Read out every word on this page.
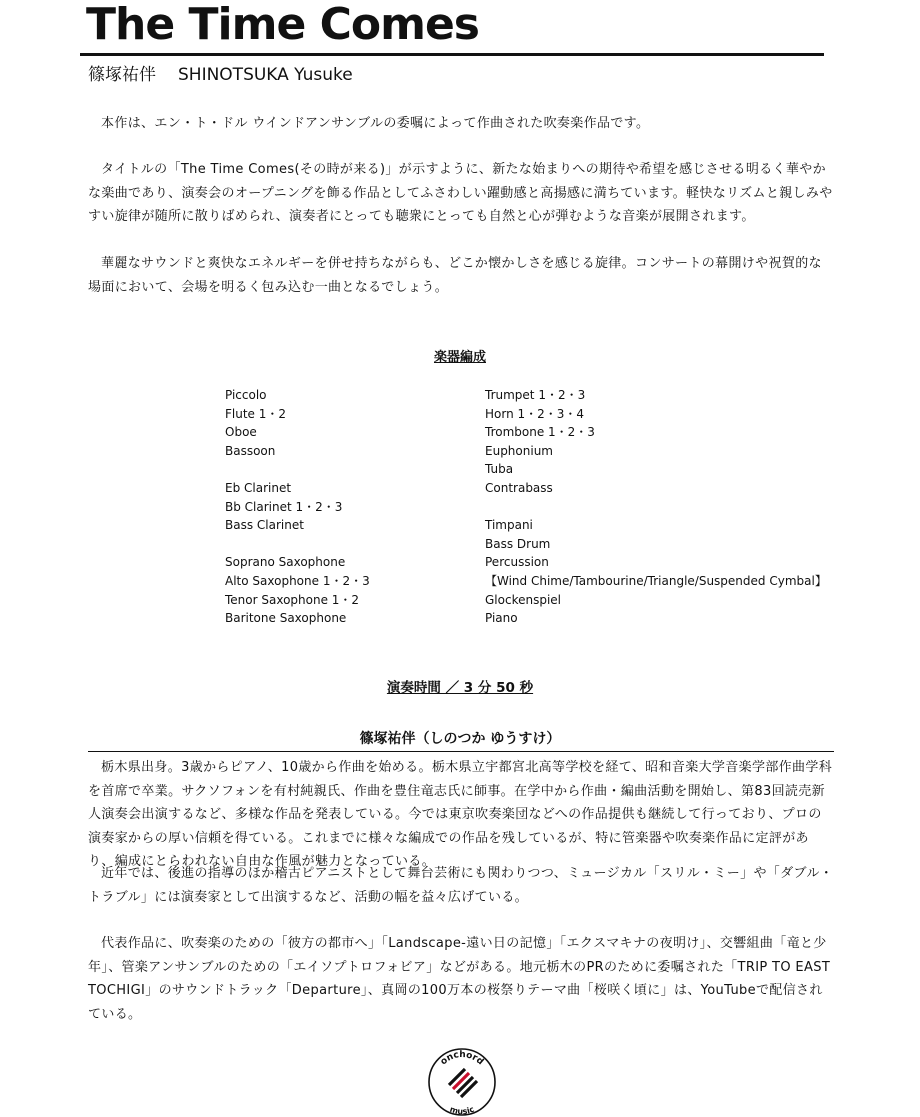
The Time Comes
篠塚祐伴 SHINOTSUKA Yusuke

本作は、エン・ト・ドル ウインドアンサンブルの委嘱によって作曲された吹奏楽作品です。

タイトルの「The Time Comes(その時が来る)」が示すように、新たな始まりへの期待や希望を感じさせる明るく華やかな楽曲であり、演奏会のオープニングを飾る作品としてふさわしい躍動感と高揚感に満ちています。軽快なリズムと親しみやすい旋律が随所に散りばめられ、演奏者にとっても聴衆にとっても自然と心が弾むような音楽が展開されます。

華麗なサウンドと爽快なエネルギーを併せ持ちながらも、どこか懐かしさを感じる旋律。コンサートの幕開けや祝賀的な場面において、会場を明るく包み込む一曲となるでしょう。

楽器編成
Piccolo
Flute 1・2
Oboe
Bassoon
Eb Clarinet
Bb Clarinet 1・2・3
Bass Clarinet
Soprano Saxophone
Alto Saxophone 1・2・3
Tenor Saxophone 1・2
Baritone Saxophone
Trumpet 1・2・3
Horn 1・2・3・4
Trombone 1・2・3
Euphonium
Tuba
Contrabass
Timpani
Bass Drum
Percussion
【Wind Chime/Tambourine/Triangle/Suspended Cymbal】
Glockenspiel
Piano
演奏時間 ／ 3 分 50 秒
篠塚祐伴（しのつか ゆうすけ）

栃木県出身。3歳からピアノ、10歳から作曲を始める。栃木県立宇都宮北高等学校を経て、昭和音楽大学音楽学部作曲学科を首席で卒業。サクソフォンを有村純親氏、作曲を豊住竜志氏に師事。在学中から作曲・編曲活動を開始し、第83回読売新人演奏会出演するなど、多様な作品を発表している。今では東京吹奏楽団などへの作品提供も継続して行っており、プロの演奏家からの厚い信頼を得ている。これまでに様々な編成での作品を残しているが、特に管楽器や吹奏楽作品に定評があり、編成にとらわれない自由な作風が魅力となっている。

近年では、後進の指導のほか稽古ピアニストとして舞台芸術にも関わりつつ、ミュージカル「スリル・ミー」や「ダブル・トラブル」には演奏家として出演するなど、活動の幅を益々広げている。

代表作品に、吹奏楽のための「彼方の都市へ」「Landscape-遠い日の記憶」「エクスマキナの夜明け」、交響組曲「竜と少年」、管楽アンサンブルのための「エイソプトロフォビア」などがある。地元栃木のPRのために委嘱された「TRIP TO EAST TOCHIGI」のサウンドトラック「Departure」、真岡の100万本の桜祭りテーマ曲「桜咲く頃に」は、YouTubeで配信されている。

onchord
music
